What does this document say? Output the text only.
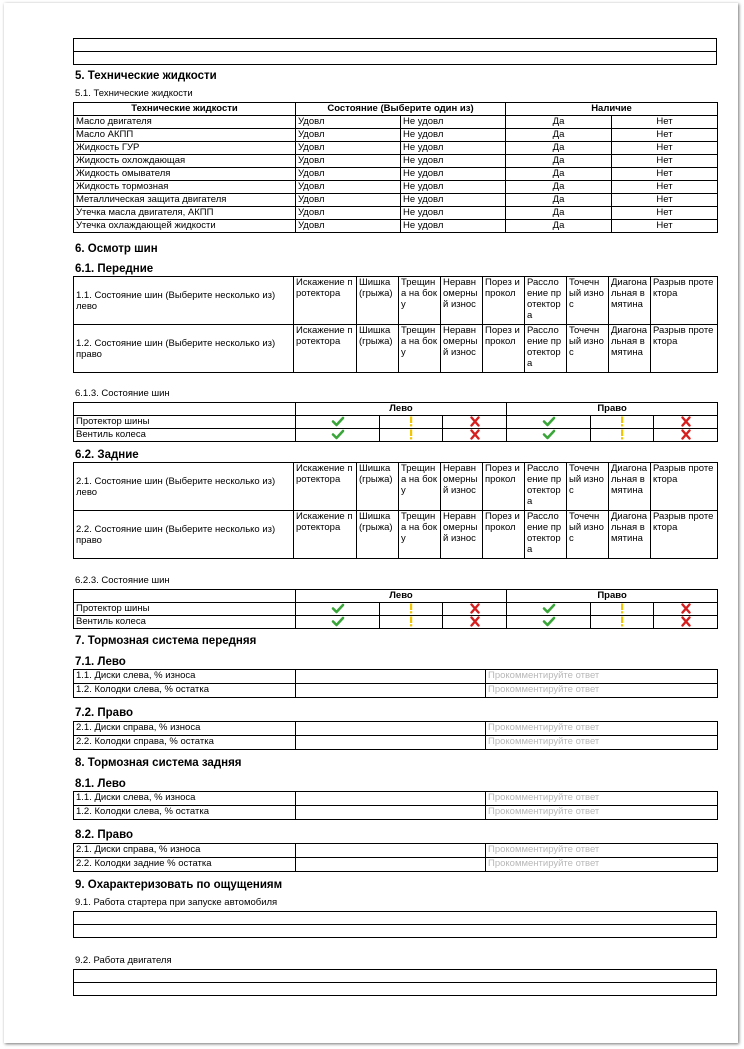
5. Технические жидкости
5.1. Технические жидкости
Технические жидкости	Состояние (Выберите один из)		Наличие	
Масло двигателя	Удовл	Не удовл	Да	Нет
Масло АКПП	Удовл	Не удовл	Да	Нет
Жидкость ГУР	Удовл	Не удовл	Да	Нет
Жидкость охлождающая	Удовл	Не удовл	Да	Нет
Жидкость омывателя	Удовл	Не удовл	Да	Нет
Жидкость тормозная	Удовл	Не удовл	Да	Нет
Металлическая защита двигателя	Удовл	Не удовл	Да	Нет
Утечка масла двигателя, АКПП	Удовл	Не удовл	Да	Нет
Утечка охлаждающей жидкости	Удовл	Не удовл	Да	Нет
6. Осмотр шин
6.1. Передние
1.1. Состояние шин (Выберите несколько из) лево	Искажение протектора	Шишка (грыжа)	Трещина на боку	Неравномерный износ	Порез и прокол	Расслоение протектора	Точечный износ	Диагональная вмятина	Разрыв протектора
1.2. Состояние шин (Выберите несколько из) право	Искажение протектора	Шишка (грыжа)	Трещина на боку	Неравномерный износ	Порез и прокол	Расслоение протектора	Точечный износ	Диагональная вмятина	Разрыв протектора
6.1.3. Состояние шин
	Лево			Право		
Протектор шины						
Вентиль колеса						
6.2. Задние
2.1. Состояние шин (Выберите несколько из) лево	Искажение протектора	Шишка (грыжа)	Трещина на боку	Неравномерный износ	Порез и прокол	Расслоение протектора	Точечный износ	Диагональная вмятина	Разрыв протектора
2.2. Состояние шин (Выберите несколько из) право	Искажение протектора	Шишка (грыжа)	Трещина на боку	Неравномерный износ	Порез и прокол	Расслоение протектора	Точечный износ	Диагональная вмятина	Разрыв протектора
6.2.3. Состояние шин
	Лево			Право		
Протектор шины						
Вентиль колеса						
7. Тормозная система передняя
7.1. Лево
1.1. Диски слева, % износа		Прокомментируйте ответ
1.2. Колодки слева, % остатка		Прокомментируйте ответ
7.2. Право
2.1. Диски справа, % износа		Прокомментируйте ответ
2.2. Колодки справа, % остатка		Прокомментируйте ответ
8. Тормозная система задняя
8.1. Лево
1.1. Диски слева, % износа		Прокомментируйте ответ
1.2. Колодки слева, % остатка		Прокомментируйте ответ
8.2. Право
2.1. Диски справа, % износа		Прокомментируйте ответ
2.2. Колодки задние % остатка		Прокомментируйте ответ
9. Охарактеризовать по ощущениям
9.1. Работа стартера при запуске автомобиля

9.2. Работа двигателя
